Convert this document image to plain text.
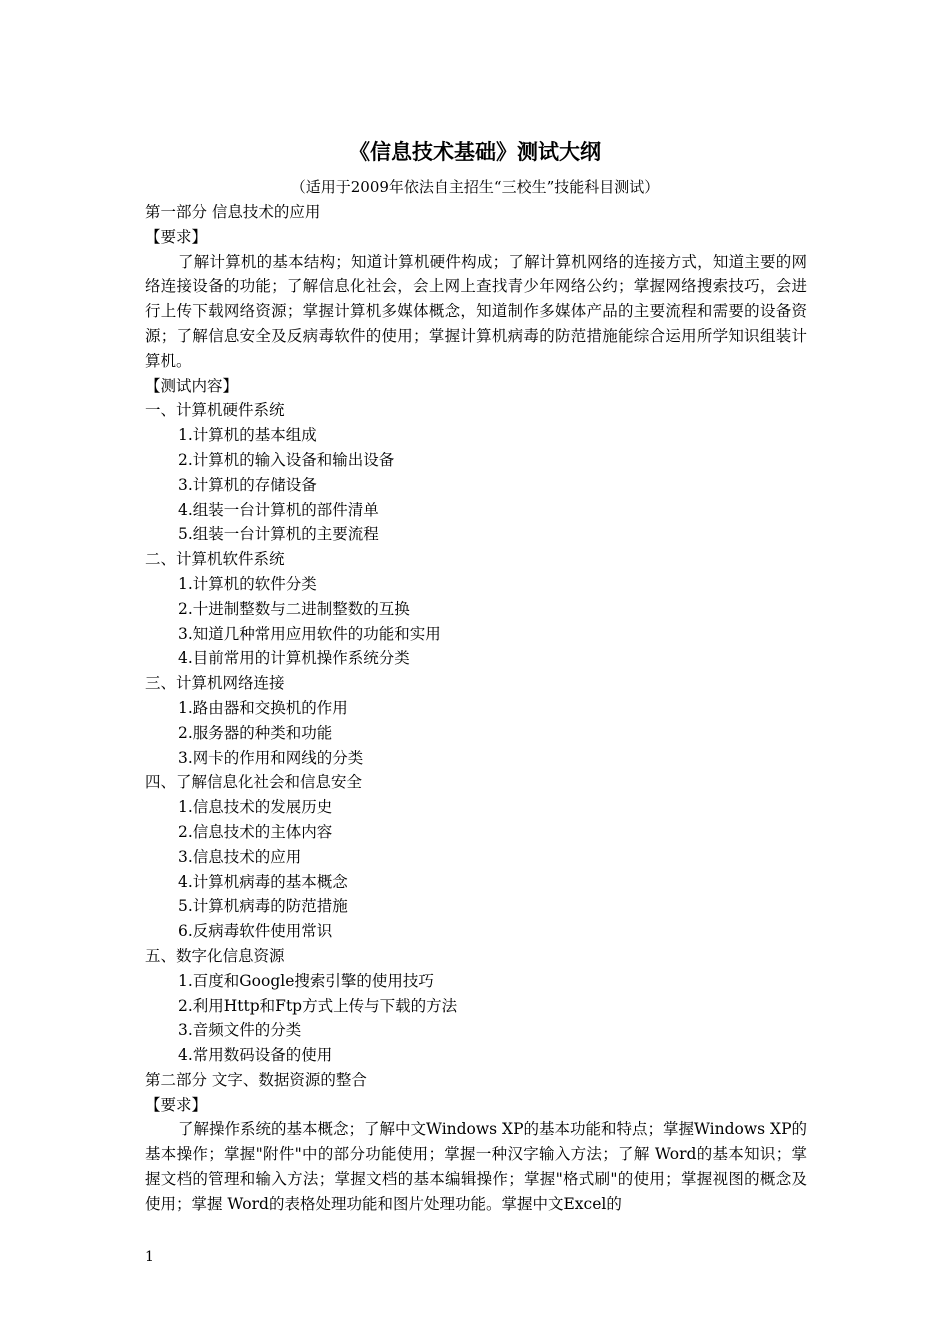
《信息技术基础》测试大纲
（适用于2009年依法自主招生“三校生”技能科目测试）
第一部分 信息技术的应用
【要求】
了解计算机的基本结构；知道计算机硬件构成；了解计算机网络的连接方式，知道主要的网络连接设备的功能；了解信息化社会，会上网上查找青少年网络公约；掌握网络搜索技巧，会进行上传下载网络资源；掌握计算机多媒体概念，知道制作多媒体产品的主要流程和需要的设备资源；了解信息安全及反病毒软件的使用；掌握计算机病毒的防范措施能综合运用所学知识组装计算机。
【测试内容】
一、计算机硬件系统
1.计算机的基本组成
2.计算机的输入设备和输出设备
3.计算机的存储设备
4.组装一台计算机的部件清单
5.组装一台计算机的主要流程
二、计算机软件系统
1.计算机的软件分类
2.十进制整数与二进制整数的互换
3.知道几种常用应用软件的功能和实用
4.目前常用的计算机操作系统分类
三、计算机网络连接
1.路由器和交换机的作用
2.服务器的种类和功能
3.网卡的作用和网线的分类
四、了解信息化社会和信息安全
1.信息技术的发展历史
2.信息技术的主体内容
3.信息技术的应用
4.计算机病毒的基本概念
5.计算机病毒的防范措施
6.反病毒软件使用常识
五、数字化信息资源
1.百度和Google搜索引擎的使用技巧
2.利用Http和Ftp方式上传与下载的方法
3.音频文件的分类
4.常用数码设备的使用
第二部分 文字、数据资源的整合
【要求】
了解操作系统的基本概念；了解中文Windows XP的基本功能和特点；掌握Windows XP的基本操作；掌握"附件"中的部分功能使用；掌握一种汉字输入方法；了解 Word的基本知识；掌握文档的管理和输入方法；掌握文档的基本编辑操作；掌握"格式刷"的使用；掌握视图的概念及使用；掌握 Word的表格处理功能和图片处理功能。掌握中文Excel的
1
